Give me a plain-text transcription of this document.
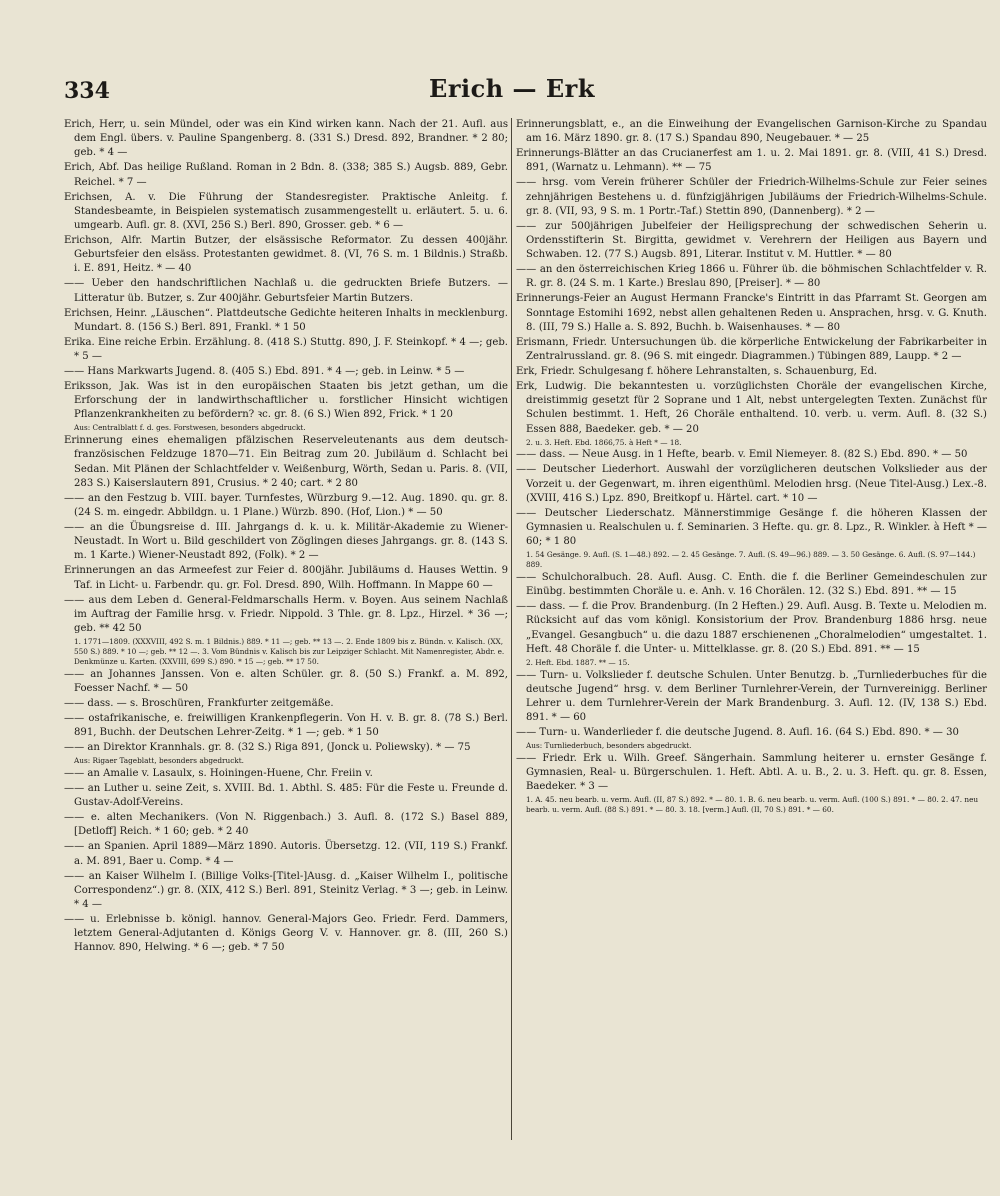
334	Erich — Erk

Erich, Herr, u. sein Mündel, oder was ein Kind wirken kann. Nach der 21. Aufl. aus dem Engl. übers. v. Pauline Spangenberg. 8. (331 S.) Dresd. 892, Brandner. * 2 80; geb. * 4 —

Erich, Abf. Das heilige Rußland. Roman in 2 Bdn. 8. (338; 385 S.) Augsb. 889, Gebr. Reichel. * 7 —

Erichsen, A. v. Die Führung der Standesregister. Praktische Anleitg. f. Standesbeamte, in Beispielen systematisch zusammengestellt u. erläutert. 5. u. 6. umgearb. Aufl. gr. 8. (XVI, 256 S.) Berl. 890, Grosser. geb. * 6 —

Erichson, Alfr. Martin Butzer, der elsässische Reformator. Zu dessen 400jähr. Geburtsfeier den elsäss. Protestanten gewidmet. 8. (VI, 76 S. m. 1 Bildnis.) Straßb. i. E. 891, Heitz. * — 40

—— Ueber den handschriftlichen Nachlaß u. die gedruckten Briefe Butzers. — Litteratur üb. Butzer, s. Zur 400jähr. Geburtsfeier Martin Butzers.

Erichsen, Heinr. „Läuschen“. Plattdeutsche Gedichte heiteren Inhalts in mecklenburg. Mundart. 8. (156 S.) Berl. 891, Frankl. * 1 50

Erika. Eine reiche Erbin. Erzählung. 8. (418 S.) Stuttg. 890, J. F. Steinkopf. * 4 —; geb. * 5 —

—— Hans Markwarts Jugend. 8. (405 S.) Ebd. 891. * 4 —; geb. in Leinw. * 5 —

Eriksson, Jak. Was ist in den europäischen Staaten bis jetzt gethan, um die Erforschung der in landwirthschaftlicher u. forstlicher Hinsicht wichtigen Pflanzenkrankheiten zu befördern? ꝛc. gr. 8. (6 S.) Wien 892, Frick. * 1 20

Aus: Centralblatt f. d. ges. Forstwesen, besonders abgedruckt.

Erinnerung eines ehemaligen pfälzischen Reserveleutenants aus dem deutsch-französischen Feldzuge 1870—71. Ein Beitrag zum 20. Jubiläum d. Schlacht bei Sedan. Mit Plänen der Schlachtfelder v. Weißenburg, Wörth, Sedan u. Paris. 8. (VII, 283 S.) Kaiserslautern 891, Crusius. * 2 40; cart. * 2 80

—— an den Festzug b. VIII. bayer. Turnfestes, Würzburg 9.—12. Aug. 1890. qu. gr. 8. (24 S. m. eingedr. Abbildgn. u. 1 Plane.) Würzb. 890. (Hof, Lion.) * — 50

—— an die Übungsreise d. III. Jahrgangs d. k. u. k. Militär-Akademie zu Wiener-Neustadt. In Wort u. Bild geschildert von Zöglingen dieses Jahrgangs. gr. 8. (143 S. m. 1 Karte.) Wiener-Neustadt 892, (Folk). * 2 —

Erinnerungen an das Armeefest zur Feier d. 800jähr. Jubiläums d. Hauses Wettin. 9 Taf. in Licht- u. Farbendr. qu. gr. Fol. Dresd. 890, Wilh. Hoffmann. In Mappe 60 —

—— aus dem Leben d. General-Feldmarschalls Herm. v. Boyen. Aus seinem Nachlaß im Auftrag der Familie hrsg. v. Friedr. Nippold. 3 Thle. gr. 8. Lpz., Hirzel. * 36 —; geb. ** 42 50

1. 1771—1809. (XXXVIII, 492 S. m. 1 Bildnis.) 889. * 11 —; geb. ** 13 —. 2. Ende 1809 bis z. Bündn. v. Kalisch. (XX, 550 S.) 889. * 10 —; geb. ** 12 —. 3. Vom Bündnis v. Kalisch bis zur Leipziger Schlacht. Mit Namenregister, Abdr. e. Denkmünze u. Karten. (XXVIII, 699 S.) 890. * 15 —; geb. ** 17 50.

—— an Johannes Janssen. Von e. alten Schüler. gr. 8. (50 S.) Frankf. a. M. 892, Foesser Nachf. * — 50

—— dass. — s. Broschüren, Frankfurter zeitgemäße.

—— ostafrikanische, e. freiwilligen Krankenpflegerin. Von H. v. B. gr. 8. (78 S.) Berl. 891, Buchh. der Deutschen Lehrer-Zeitg. * 1 —; geb. * 1 50

—— an Direktor Krannhals. gr. 8. (32 S.) Riga 891, (Jonck u. Poliewsky). * — 75

Aus: Rigaer Tageblatt, besonders abgedruckt.

—— an Amalie v. Lasaulx, s. Hoiningen-Huene, Chr. Freiin v.

—— an Luther u. seine Zeit, s. XVIII. Bd. 1. Abthl. S. 485: Für die Feste u. Freunde d. Gustav-Adolf-Vereins.

—— e. alten Mechanikers. (Von N. Riggenbach.) 3. Aufl. 8. (172 S.) Basel 889, [Detloff] Reich. * 1 60; geb. * 2 40

—— an Spanien. April 1889—März 1890. Autoris. Übersetzg. 12. (VII, 119 S.) Frankf. a. M. 891, Baer u. Comp. * 4 —

—— an Kaiser Wilhelm I. (Billige Volks-[Titel-]Ausg. d. „Kaiser Wilhelm I., politische Correspondenz“.) gr. 8. (XIX, 412 S.) Berl. 891, Steinitz Verlag. * 3 —; geb. in Leinw. * 4 —

—— u. Erlebnisse b. königl. hannov. General-Majors Geo. Friedr. Ferd. Dammers, letztem General-Adjutanten d. Königs Georg V. v. Hannover. gr. 8. (III, 260 S.) Hannov. 890, Helwing. * 6 —; geb. * 7 50

Erinnerungsblatt, e., an die Einweihung der Evangelischen Garnison-Kirche zu Spandau am 16. März 1890. gr. 8. (17 S.) Spandau 890, Neugebauer. * — 25

Erinnerungs-Blätter an das Crucianerfest am 1. u. 2. Mai 1891. gr. 8. (VIII, 41 S.) Dresd. 891, (Warnatz u. Lehmann). ** — 75

—— hrsg. vom Verein früherer Schüler der Friedrich-Wilhelms-Schule zur Feier seines zehnjährigen Bestehens u. d. fünfzigjährigen Jubiläums der Friedrich-Wilhelms-Schule. gr. 8. (VII, 93, 9 S. m. 1 Portr.-Taf.) Stettin 890, (Dannenberg). * 2 —

—— zur 500jährigen Jubelfeier der Heiligsprechung der schwedischen Seherin u. Ordensstifterin St. Birgitta, gewidmet v. Verehrern der Heiligen aus Bayern und Schwaben. 12. (77 S.) Augsb. 891, Literar. Institut v. M. Huttler. * — 80

—— an den österreichischen Krieg 1866 u. Führer üb. die böhmischen Schlachtfelder v. R. R. gr. 8. (24 S. m. 1 Karte.) Breslau 890, [Preiser]. * — 80

Erinnerungs-Feier an August Hermann Francke's Eintritt in das Pfarramt St. Georgen am Sonntage Estomihi 1692, nebst allen gehaltenen Reden u. Ansprachen, hrsg. v. G. Knuth. 8. (III, 79 S.) Halle a. S. 892, Buchh. b. Waisenhauses. * — 80

Erismann, Friedr. Untersuchungen üb. die körperliche Entwickelung der Fabrikarbeiter in Zentralrussland. gr. 8. (96 S. mit eingedr. Diagrammen.) Tübingen 889, Laupp. * 2 —

Erk, Friedr. Schulgesang f. höhere Lehranstalten, s. Schauenburg, Ed.

Erk, Ludwig. Die bekanntesten u. vorzüglichsten Choräle der evangelischen Kirche, dreistimmig gesetzt für 2 Soprane und 1 Alt, nebst untergelegten Texten. Zunächst für Schulen bestimmt. 1. Heft, 26 Choräle enthaltend. 10. verb. u. verm. Aufl. 8. (32 S.) Essen 888, Baedeker. geb. * — 20

2. u. 3. Heft. Ebd. 1866,75. à Heft * — 18.

—— dass. — Neue Ausg. in 1 Hefte, bearb. v. Emil Niemeyer. 8. (82 S.) Ebd. 890. * — 50

—— Deutscher Liederhort. Auswahl der vorzüglicheren deutschen Volkslieder aus der Vorzeit u. der Gegenwart, m. ihren eigenthüml. Melodien hrsg. (Neue Titel-Ausg.) Lex.-8. (XVIII, 416 S.) Lpz. 890, Breitkopf u. Härtel. cart. * 10 —

—— Deutscher Liederschatz. Männerstimmige Gesänge f. die höheren Klassen der Gymnasien u. Realschulen u. f. Seminarien. 3 Hefte. qu. gr. 8. Lpz., R. Winkler. à Heft * — 60; * 1 80

1. 54 Gesänge. 9. Aufl. (S. 1—48.) 892. — 2. 45 Gesänge. 7. Aufl. (S. 49—96.) 889. — 3. 50 Gesänge. 6. Aufl. (S. 97—144.) 889.

—— Schulchoralbuch. 28. Aufl. Ausg. C. Enth. die f. die Berliner Gemeindeschulen zur Einübg. bestimmten Choräle u. e. Anh. v. 16 Chorälen. 12. (32 S.) Ebd. 891. ** — 15

—— dass. — f. die Prov. Brandenburg. (In 2 Heften.) 29. Aufl. Ausg. B. Texte u. Melodien m. Rücksicht auf das vom königl. Konsistorium der Prov. Brandenburg 1886 hrsg. neue „Evangel. Gesangbuch“ u. die dazu 1887 erschienenen „Choralmelodien“ umgestaltet. 1. Heft. 48 Choräle f. die Unter- u. Mittelklasse. gr. 8. (20 S.) Ebd. 891. ** — 15

2. Heft. Ebd. 1887. ** — 15.

—— Turn- u. Volkslieder f. deutsche Schulen. Unter Benutzg. b. „Turnliederbuches für die deutsche Jugend“ hrsg. v. dem Berliner Turnlehrer-Verein, der Turnvereinigg. Berliner Lehrer u. dem Turnlehrer-Verein der Mark Brandenburg. 3. Aufl. 12. (IV, 138 S.) Ebd. 891. * — 60

—— Turn- u. Wanderlieder f. die deutsche Jugend. 8. Aufl. 16. (64 S.) Ebd. 890. * — 30

Aus: Turnliederbuch, besonders abgedruckt.

—— Friedr. Erk u. Wilh. Greef. Sängerhain. Sammlung heiterer u. ernster Gesänge f. Gymnasien, Real- u. Bürgerschulen. 1. Heft. Abtl. A. u. B., 2. u. 3. Heft. qu. gr. 8. Essen, Baedeker. * 3 —

1. A. 45. neu bearb. u. verm. Aufl. (II, 87 S.) 892. * — 80. 1. B. 6. neu bearb. u. verm. Aufl. (100 S.) 891. * — 80. 2. 47. neu bearb. u. verm. Aufl. (88 S.) 891. * — 80. 3. 18. [verm.] Aufl. (II, 70 S.) 891. * — 60.
